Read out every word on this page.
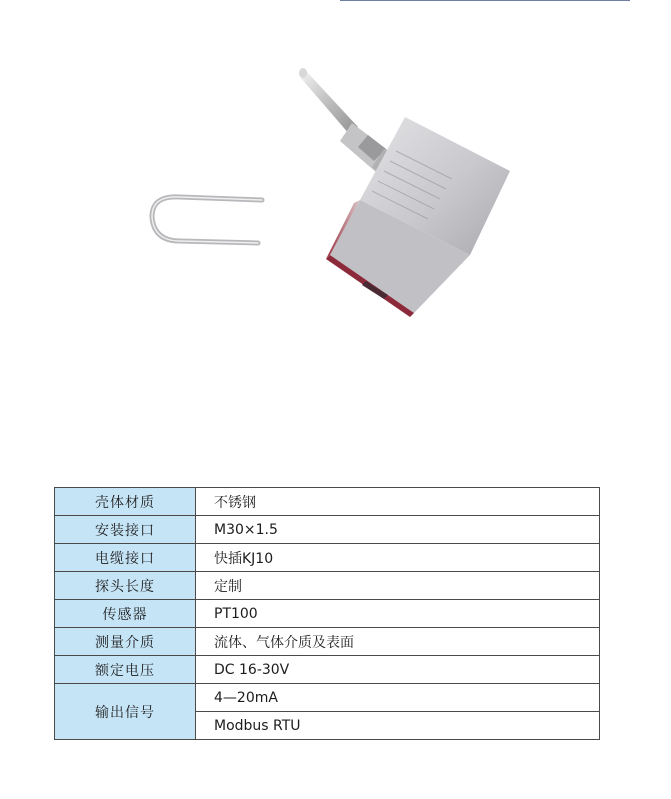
壳体材质	不锈钢
安装接口	M30×1.5
电缆接口	快插KJ10
探头长度	定制
传感器	PT100
测量介质	流体、气体介质及表面
额定电压	DC 16-30V
输出信号	4—20mA
	Modbus RTU
